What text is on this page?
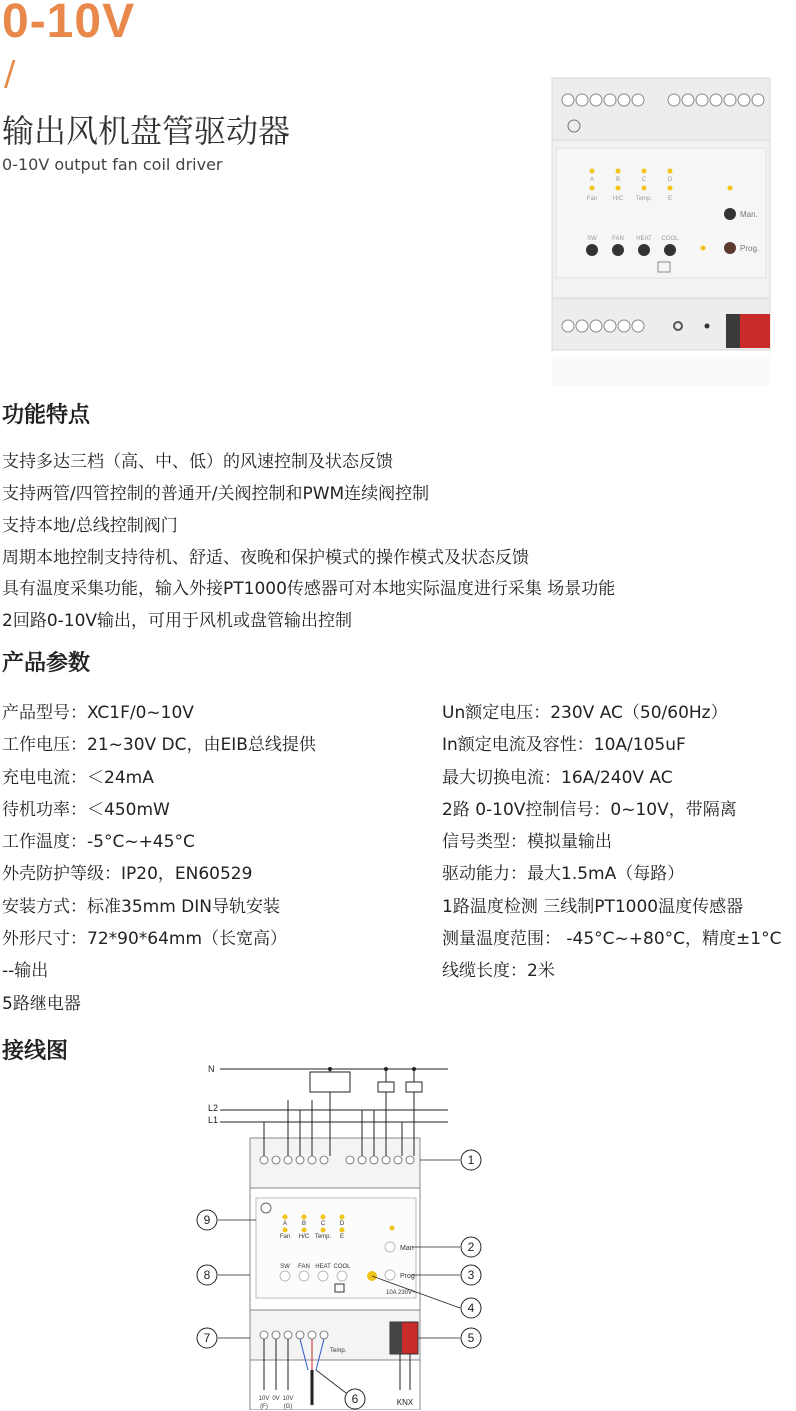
0-10V
/
输出风机盘管驱动器
0-10V output fan coil driver
A	B	C	D
Fan	H/C Temp.	E
SW	FAN HEAT COOL
Man.
Prog.
功能特点
支持多达三档（高、中、低）的风速控制及状态反馈
支持两管/四管控制的普通开/关阀控制和PWM连续阀控制
支持本地/总线控制阀门
周期本地控制支持待机、舒适、夜晚和保护模式的操作模式及状态反馈
具有温度采集功能，输入外接PT1000传感器可对本地实际温度进行采集 场景功能
2回路0-10V输出，可用于风机或盘管输出控制
产品参数
产品型号：XC1F/0~10V
工作电压：21~30V DC，由EIB总线提供
充电电流：＜24mA
待机功率：＜450mW
工作温度：-5°C~+45°C
外壳防护等级：IP20，EN60529
安装方式：标准35mm DIN导轨安装
外形尺寸：72*90*64mm（长宽高）
--输出
5路继电器
Un额定电压：230V AC（50/60Hz）
In额定电流及容性：10A/105uF
最大切换电流：16A/240V AC
2路 0-10V控制信号：0~10V，带隔离
信号类型：模拟量输出
驱动能力：最大1.5mA（每路）
1路温度检测 三线制PT1000温度传感器
测量温度范围： -45°C~+80°C，精度±1°C
线缆长度：2米
接线图
N
L2
L1
A B C D
Fan H/C Temp. E
SW FAN HEAT COOL
Man
Prog
10A 230V~
Temp.
10V 0V 10V
(F)	(G)	KNX
1
2
3
4
5
6
7
8
9
